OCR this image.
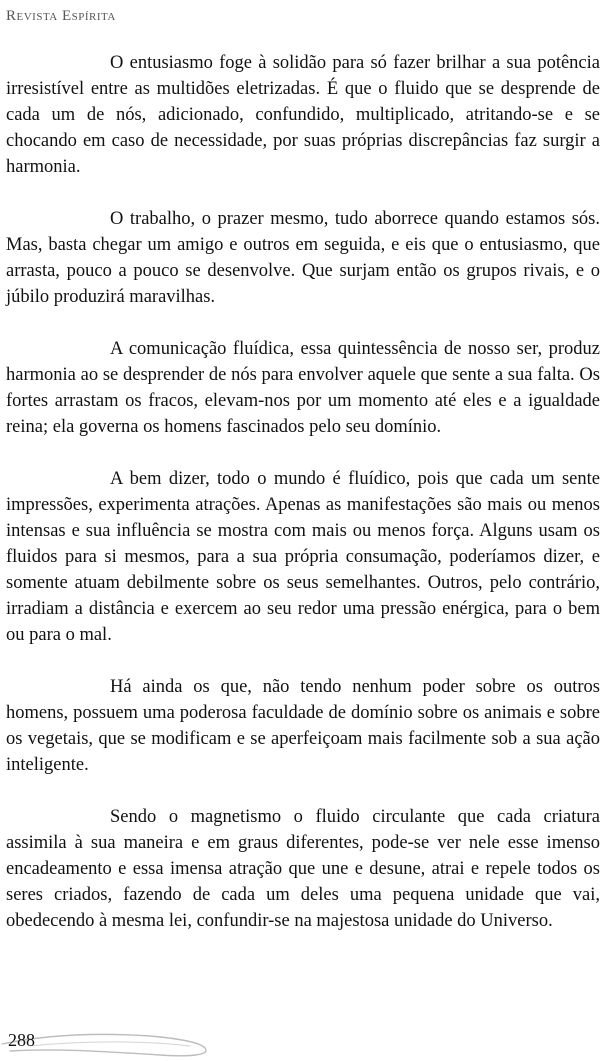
Revista Espírita

O entusiasmo foge à solidão para só fazer brilhar a sua potência irresistível entre as multidões eletrizadas. É que o fluido que se desprende de cada um de nós, adicionado, confundido, multiplicado, atritando-se e se chocando em caso de necessidade, por suas próprias discrepâncias faz surgir a harmonia.

O trabalho, o prazer mesmo, tudo aborrece quando estamos sós. Mas, basta chegar um amigo e outros em seguida, e eis que o entusiasmo, que arrasta, pouco a pouco se desenvolve. Que surjam então os grupos rivais, e o júbilo produzirá maravilhas.

A comunicação fluídica, essa quintessência de nosso ser, produz harmonia ao se desprender de nós para envolver aquele que sente a sua falta. Os fortes arrastam os fracos, elevam-nos por um momento até eles e a igualdade reina; ela governa os homens fascinados pelo seu domínio.

A bem dizer, todo o mundo é fluídico, pois que cada um sente impressões, experimenta atrações. Apenas as manifestações são mais ou menos intensas e sua influência se mostra com mais ou menos força. Alguns usam os fluidos para si mesmos, para a sua própria consumação, poderíamos dizer, e somente atuam debilmente sobre os seus semelhantes. Outros, pelo contrário, irradiam a distância e exercem ao seu redor uma pressão enérgica, para o bem ou para o mal.

Há ainda os que, não tendo nenhum poder sobre os outros homens, possuem uma poderosa faculdade de domínio sobre os animais e sobre os vegetais, que se modificam e se aperfeiçoam mais facilmente sob a sua ação inteligente.

Sendo o magnetismo o fluido circulante que cada criatura assimila à sua maneira e em graus diferentes, pode-se ver nele esse imenso encadeamento e essa imensa atração que une e desune, atrai e repele todos os seres criados, fazendo de cada um deles uma pequena unidade que vai, obedecendo à mesma lei, confundir-se na majestosa unidade do Universo.

288
